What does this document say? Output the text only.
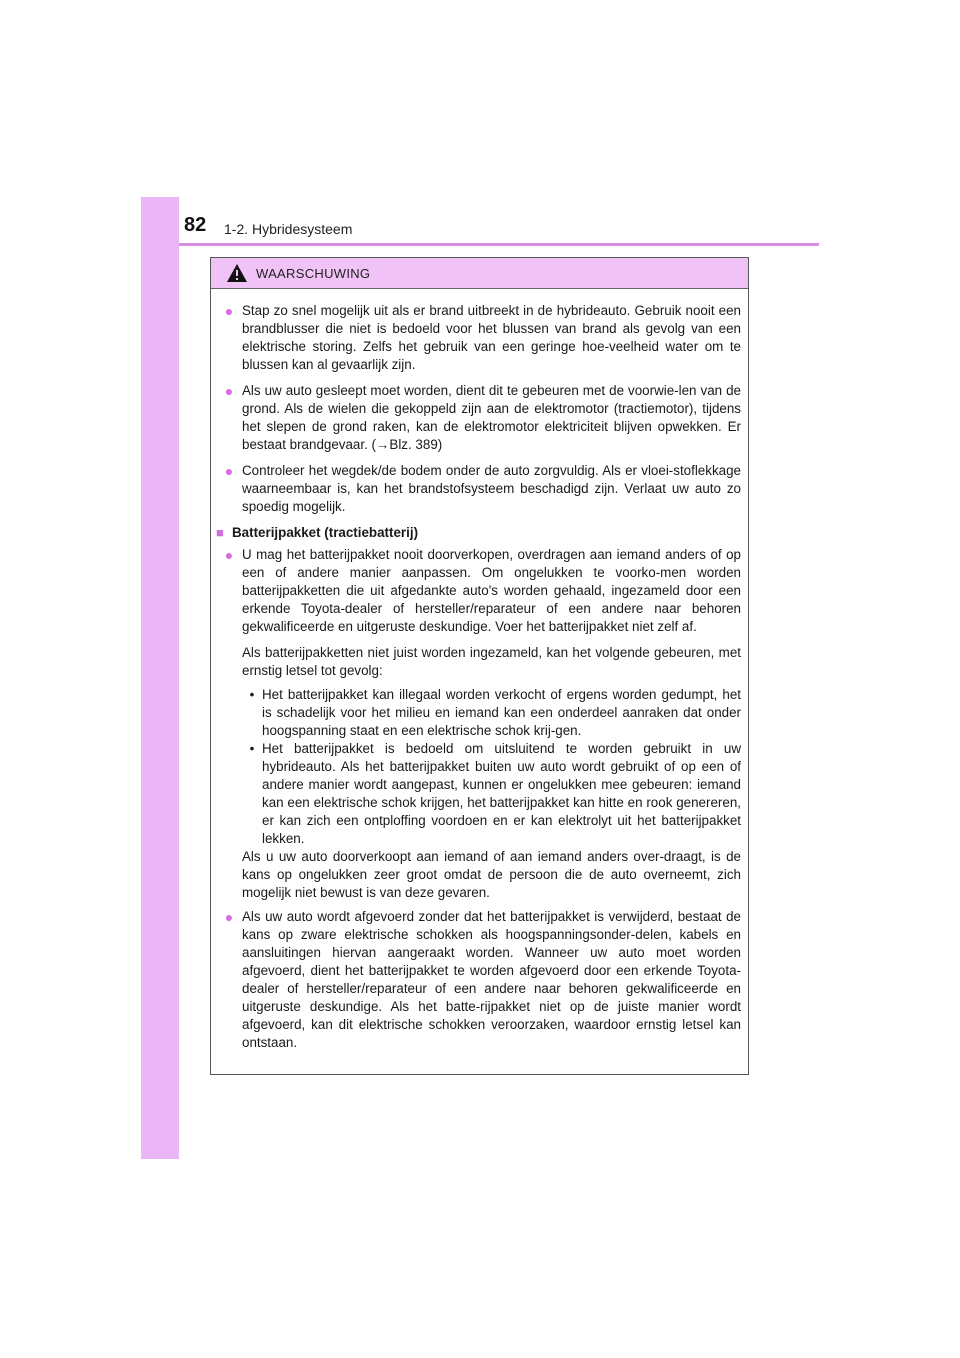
82 1-2. Hybridesysteem
WAARSCHUWING
● Stap zo snel mogelijk uit als er brand uitbreekt in de hybrideauto. Gebruik nooit een brandblusser die niet is bedoeld voor het blussen van brand als gevolg van een elektrische storing. Zelfs het gebruik van een geringe hoe-veelheid water om te blussen kan al gevaarlijk zijn.
● Als uw auto gesleept moet worden, dient dit te gebeuren met de voorwie-len van de grond. Als de wielen die gekoppeld zijn aan de elektromotor (tractiemotor), tijdens het slepen de grond raken, kan de elektromotor elektriciteit blijven opwekken. Er bestaat brandgevaar. (→Blz. 389)
● Controleer het wegdek/de bodem onder de auto zorgvuldig. Als er vloei-stoflekkage waarneembaar is, kan het brandstofsysteem beschadigd zijn. Verlaat uw auto zo spoedig mogelijk.
■ Batterijpakket (tractiebatterij)
● U mag het batterijpakket nooit doorverkopen, overdragen aan iemand anders of op een of andere manier aanpassen. Om ongelukken te voorko-men worden batterijpakketten die uit afgedankte auto's worden gehaald, ingezameld door een erkende Toyota-dealer of hersteller/reparateur of een andere naar behoren gekwalificeerde en uitgeruste deskundige. Voer het batterijpakket niet zelf af.
Als batterijpakketten niet juist worden ingezameld, kan het volgende gebeuren, met ernstig letsel tot gevolg:
• Het batterijpakket kan illegaal worden verkocht of ergens worden gedumpt, het is schadelijk voor het milieu en iemand kan een onderdeel aanraken dat onder hoogspanning staat en een elektrische schok krij-gen.
• Het batterijpakket is bedoeld om uitsluitend te worden gebruikt in uw hybrideauto. Als het batterijpakket buiten uw auto wordt gebruikt of op een of andere manier wordt aangepast, kunnen er ongelukken mee gebeuren: iemand kan een elektrische schok krijgen, het batterijpakket kan hitte en rook genereren, er kan zich een ontploffing voordoen en er kan elektrolyt uit het batterijpakket lekken.
Als u uw auto doorverkoopt aan iemand of aan iemand anders over-draagt, is de kans op ongelukken zeer groot omdat de persoon die de auto overneemt, zich mogelijk niet bewust is van deze gevaren.
● Als uw auto wordt afgevoerd zonder dat het batterijpakket is verwijderd, bestaat de kans op zware elektrische schokken als hoogspanningsonder-delen, kabels en aansluitingen hiervan aangeraakt worden. Wanneer uw auto moet worden afgevoerd, dient het batterijpakket te worden afgevoerd door een erkende Toyota-dealer of hersteller/reparateur of een andere naar behoren gekwalificeerde en uitgeruste deskundige. Als het batte-rijpakket niet op de juiste manier wordt afgevoerd, kan dit elektrische schokken veroorzaken, waardoor ernstig letsel kan ontstaan.
